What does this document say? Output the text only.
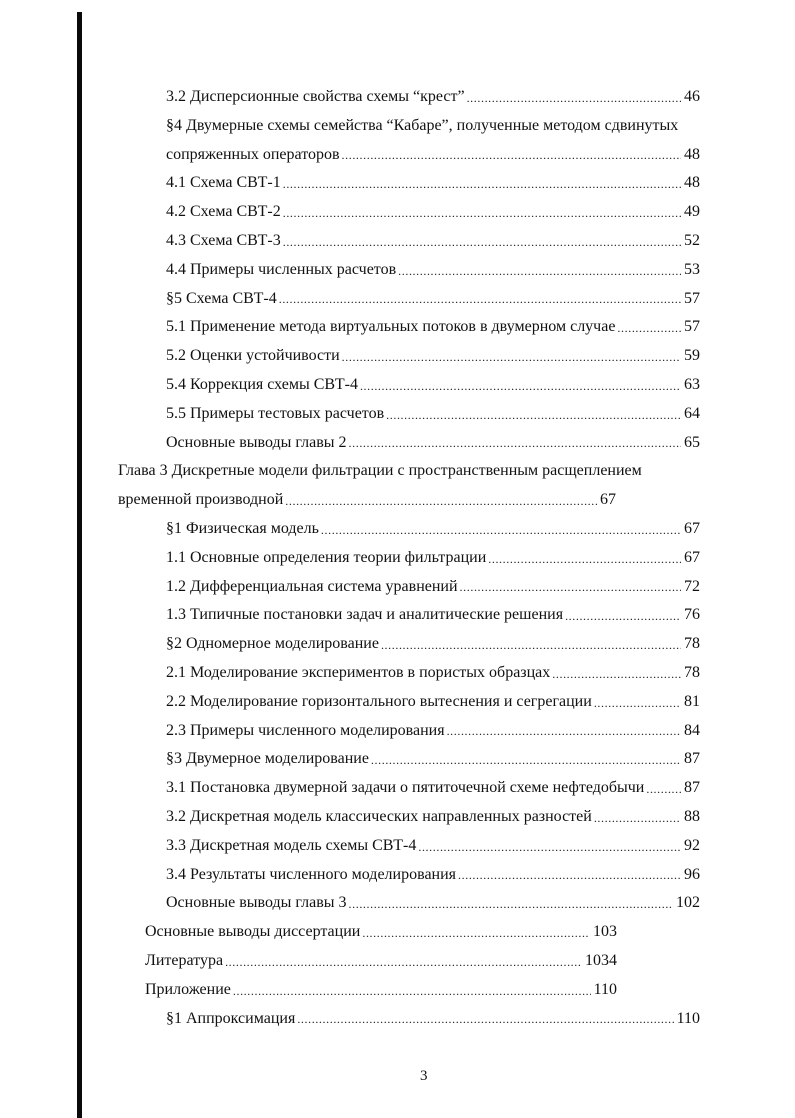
3.2 Дисперсионные свойства схемы “крест” .....	46
§4 Двумерные схемы семейства “Кабаре”, полученные методом сдвинутых
сопряженных операторов .....	48
4.1 Схема СВТ-1 .....	48
4.2 Схема СВТ-2 .....	49
4.3 Схема СВТ-3 .....	52
4.4 Примеры численных расчетов .....	53
§5 Схема СВТ-4 .....	57
5.1 Применение метода виртуальных потоков в двумерном случае .....	57
5.2 Оценки устойчивости .....	59
5.4 Коррекция схемы СВТ-4 .....	63
5.5 Примеры тестовых расчетов .....	64
Основные выводы главы 2 .....	65
Глава 3 Дискретные модели фильтрации с пространственным расщеплением
временной производной .....	67
§1 Физическая модель .....	67
1.1 Основные определения теории фильтрации .....	67
1.2 Дифференциальная система уравнений .....	72
1.3 Типичные постановки задач и аналитические решения .....	76
§2 Одномерное моделирование .....	78
2.1 Моделирование экспериментов в пористых образцах .....	78
2.2 Моделирование горизонтального вытеснения и сегрегации .....	81
2.3 Примеры численного моделирования .....	84
§3 Двумерное моделирование .....	87
3.1 Постановка двумерной задачи о пятиточечной схеме нефтедобычи ..... 87
3.2 Дискретная модель классических направленных разностей .....	88
3.3 Дискретная модель схемы СВТ-4 .....	92
3.4 Результаты численного моделирования .....	96
Основные выводы главы 3 .....	102
Основные выводы диссертации .....	103
Литература .....	1034
Приложение .....	110
§1 Аппроксимация .....	110
3
